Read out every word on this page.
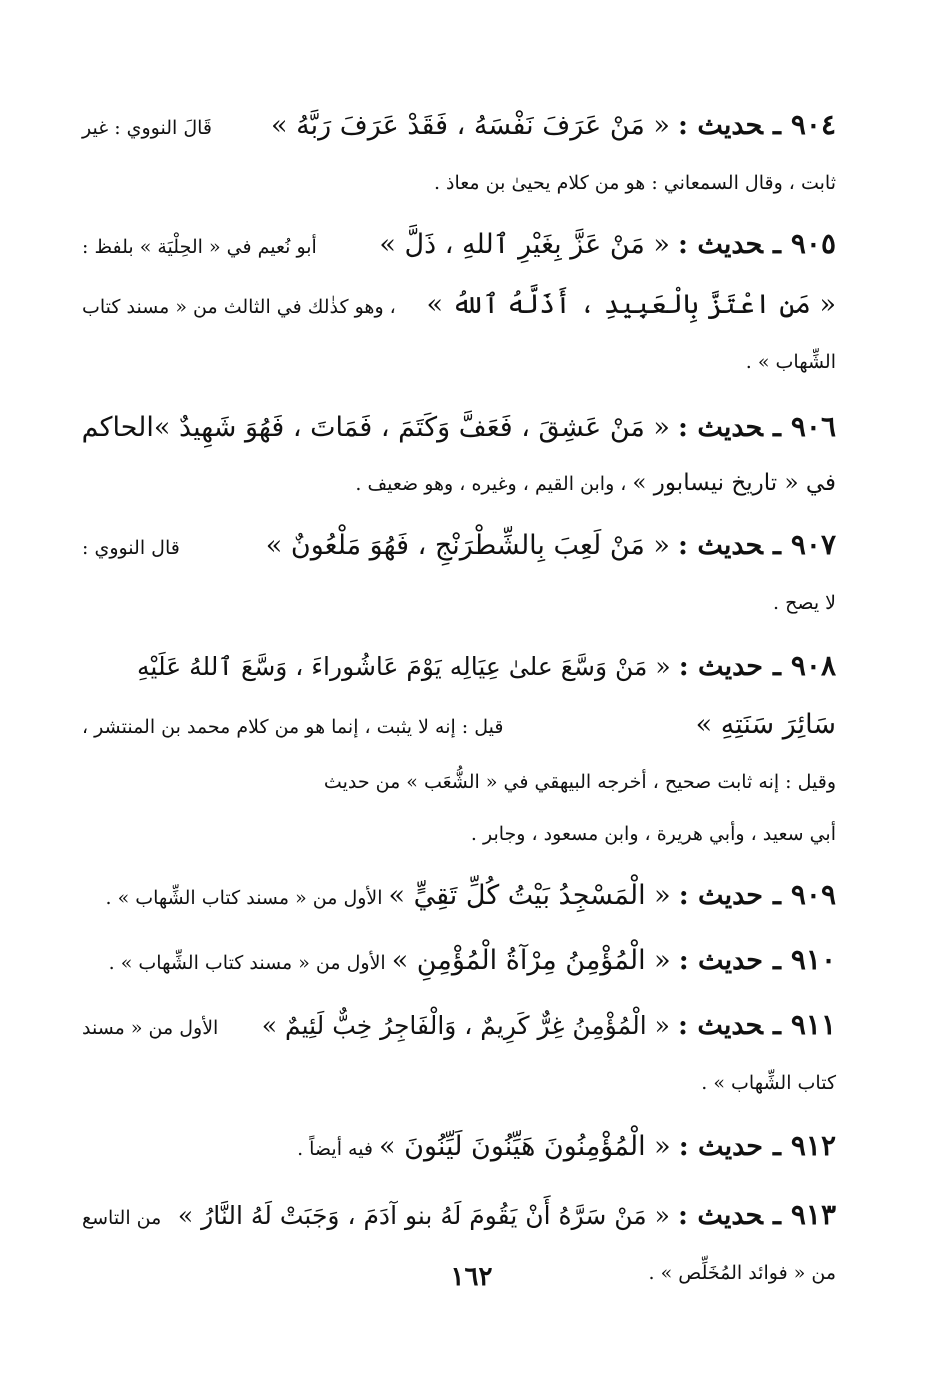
٩٠٤ـحديث :« مَنْ عَرَفَ نَفْسَهُ ، فَقَدْ عَرَفَ رَبَّهُ »
قَالَ النووي : غير
ثابت ، وقال السمعاني : هو من كلام يحيىٰ بن معاذ .
٩٠٥ـحديث :« مَنْ عَزَّ بِغَيْرِ ٱللهِ ، ذَلَّ »
أبو نُعيم في « الحِلْيَة » بلفظ :
« مَنِ اعْتَزَّ بِالْعَبِيدِ ، أَذَلَّهُ ٱللهُ »
، وهو كذٰلك في الثالث من « مسند كتاب
الشِّهاب » .
٩٠٦ـحديث :« مَنْ عَشِقَ ، فَعَفَّ وَكَتَمَ ، فَمَاتَ ، فَهُوَ شَهِيدٌ »
الحاكم
في « تاريخ نيسابور »
، وابن القيم ، وغيره ، وهو ضعيف .
٩٠٧ـحديث :« مَنْ لَعِبَ بِالشِّطْرَنْجِ ، فَهُوَ مَلْعُونٌ »
قال النووي :
لا يصح .
٩٠٨
ـ
حديث :
« مَنْ وَسَّعَ علىٰ عِيَالِه يَوْمَ عَاشُوراءَ ، وَسَّعَ ٱللهُ عَلَيْهِ
سَائِرَ سَنَتِهِ »
قيل : إنه لا يثبت ، إنما هو من كلام محمد بن المنتشر ،
وقيل : إنه ثابت صحيح ، أخرجه البيهقي في « الشُّعَب » من حديث
أبي سعيد ، وأبي هريرة ، وابن مسعود ، وجابر .
٩٠٩
ـ
حديث :
« الْمَسْجِدُ بَيْتُ كُلِّ تَقِيٍّ »
الأول من « مسند كتاب الشِّهاب » .
٩١٠
ـ
حديث :
« الْمُؤْمِنُ مِرْآةُ الْمُؤْمِنِ »
الأول من « مسند كتاب الشِّهاب » .
٩١١ـحديث :« الْمُؤْمِنُ غِرٌّ كَرِيمٌ ، وَالْفَاجِرُ خِبٌّ لَئِيمٌ »
الأول من « مسند
كتاب الشِّهاب » .
٩١٢
ـ
حديث :
« الْمُؤْمِنُونَ هَيِّنُونَ لَيِّنُونَ »
فيه أيضاً .
٩١٣ـحديث :« مَنْ سَرَّهُ أَنْ يَقُومَ لَهُ بنو آدَمَ ، وَجَبَتْ لَهُ النَّارُ »
من التاسع
من « فوائد المُخَلِّص » .
١٦٢
